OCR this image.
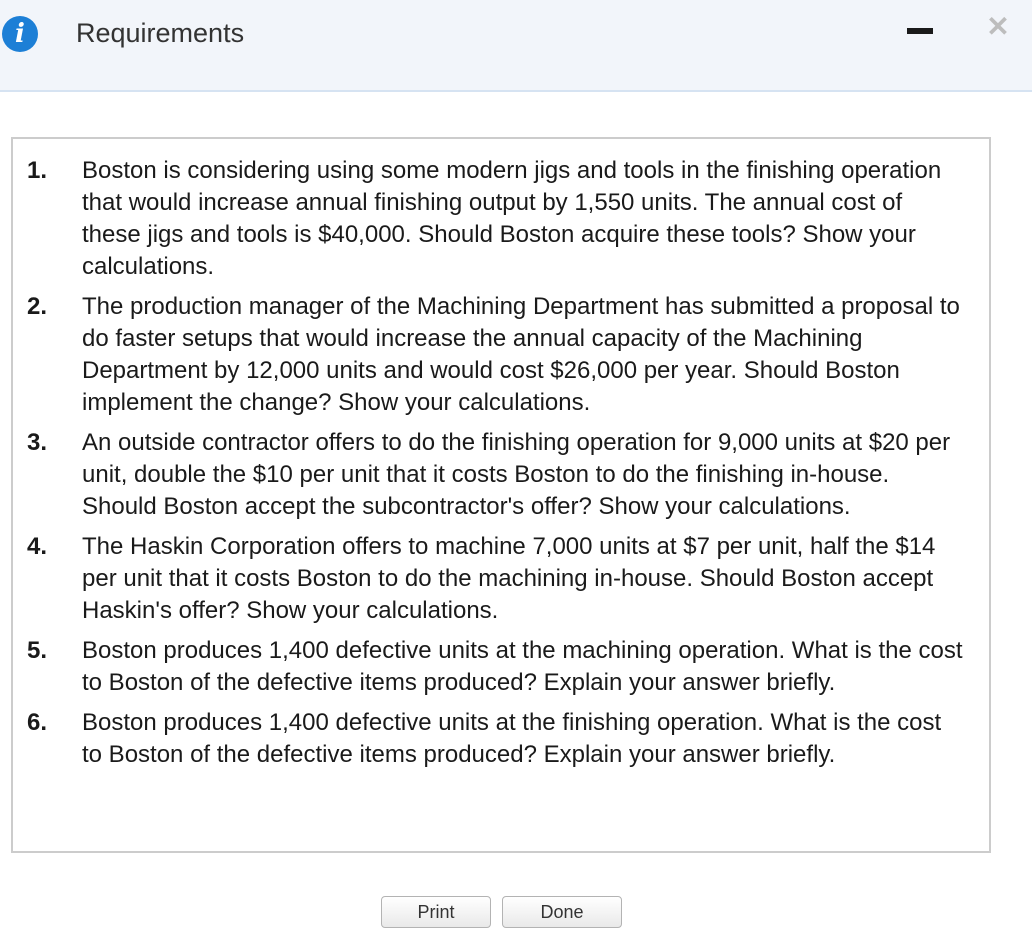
i	Requirements	✕
1. Boston is considering using some modern jigs and tools in the finishing operation that would increase annual finishing output by 1,550 units. The annual cost of these jigs and tools is $40,000. Should Boston acquire these tools? Show your calculations.
2. The production manager of the Machining Department has submitted a proposal to do faster setups that would increase the annual capacity of the Machining Department by 12,000 units and would cost $26,000 per year. Should Boston implement the change? Show your calculations.
3. An outside contractor offers to do the finishing operation for 9,000 units at $20 per unit, double the $10 per unit that it costs Boston to do the finishing in-house. Should Boston accept the subcontractor's offer? Show your calculations.
4. The Haskin Corporation offers to machine 7,000 units at $7 per unit, half the $14 per unit that it costs Boston to do the machining in-house. Should Boston accept Haskin's offer? Show your calculations.
5. Boston produces 1,400 defective units at the machining operation. What is the cost to Boston of the defective items produced? Explain your answer briefly.
6. Boston produces 1,400 defective units at the finishing operation. What is the cost to Boston of the defective items produced? Explain your answer briefly.
Print	Done
